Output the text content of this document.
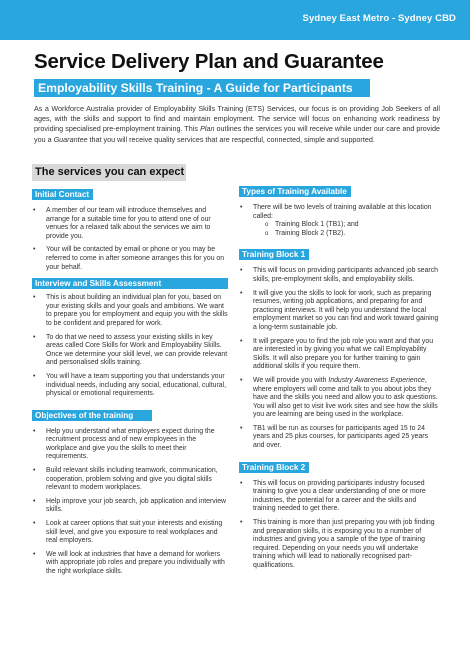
Sydney East Metro - Sydney CBD
Service Delivery Plan and Guarantee
Employability Skills Training - A Guide for Participants

As a Workforce Australia provider of Employability Skills Training (ETS) Services, our focus is on providing Job Seekers of all ages, with the skills and support to find and maintain employment. The service will focus on enhancing work readiness by providing specialised pre-employment training. This Plan outlines the services you will receive while under our care and provide you a Guarantee that you will receive quality services that are respectful, connected, simple and supported.

The services you can expect
Initial Contact
• A member of our team will introduce themselves and arrange for a suitable time for you to attend one of our venues for a relaxed talk about the services we aim to provide you.
• Your will be contacted by email or phone or you may be referred to come in after someone arranges this for you on your behalf.
Interview and Skills Assessment
• This is about building an individual plan for you, based on your existing skills and your goals and ambitions. We want to prepare you for employment and equip you with the skills to be confident and prepared for work.
• To do that we need to assess your existing skills in key areas called Core Skills for Work and Employability Skills. Once we determine your skill level, we can provide relevant and personalised skills training.
• You will have a team supporting you that understands your individual needs, including any social, educational, cultural, physical or emotional requirements.
Objectives of the training
• Help you understand what employers expect during the recruitment process and of new employees in the workplace and give you the skills to meet their requirements.
• Build relevant skills including teamwork, communication, cooperation, problem solving and give you digital skills relevant to modern workplaces.
• Help improve your job search, job application and interview skills.
• Look at career options that suit your interests and existing skill level, and give you exposure to real workplaces and real employers.
• We will look at industries that have a demand for workers with appropriate job roles and prepare you individually with the right workplace skills.
Types of Training Available
• There will be two levels of training available at this location called:
o Training Block 1 (TB1); and
o Training Block 2 (TB2).
Training Block 1
• This will focus on providing participants advanced job search skills, pre-employment skills, and employability skills.
• It will give you the skills to look for work, such as preparing resumes, writing job applications, and preparing for and practicing interviews. It will help you understand the local employment market so you can find and work toward gaining a long-term sustainable job.
• It will prepare you to find the job role you want and that you are interested in by giving you what we call Employability Skills. It will also prepare you for further training to gain additional skills if you require them.
• We will provide you with Industry Awareness Experience, where employers will come and talk to you about jobs they have and the skills you need and allow you to ask questions. You will also get to visit live work sites and see how the skills you are learning are being used in the workplace.
• TB1 will be run as courses for participants aged 15 to 24 years and 25 plus courses, for participants aged 25 years and over.
Training Block 2
• This will focus on providing participants industry focused training to give you a clear understanding of one or more industries, the potential for a career and the skills and training needed to get there.
• This training is more than just preparing you with job finding and preparation skills, it is exposing you to a number of industries and giving you a sample of the type of training required. Depending on your needs you will undertake training which will lead to nationally recognised part-qualifications.
